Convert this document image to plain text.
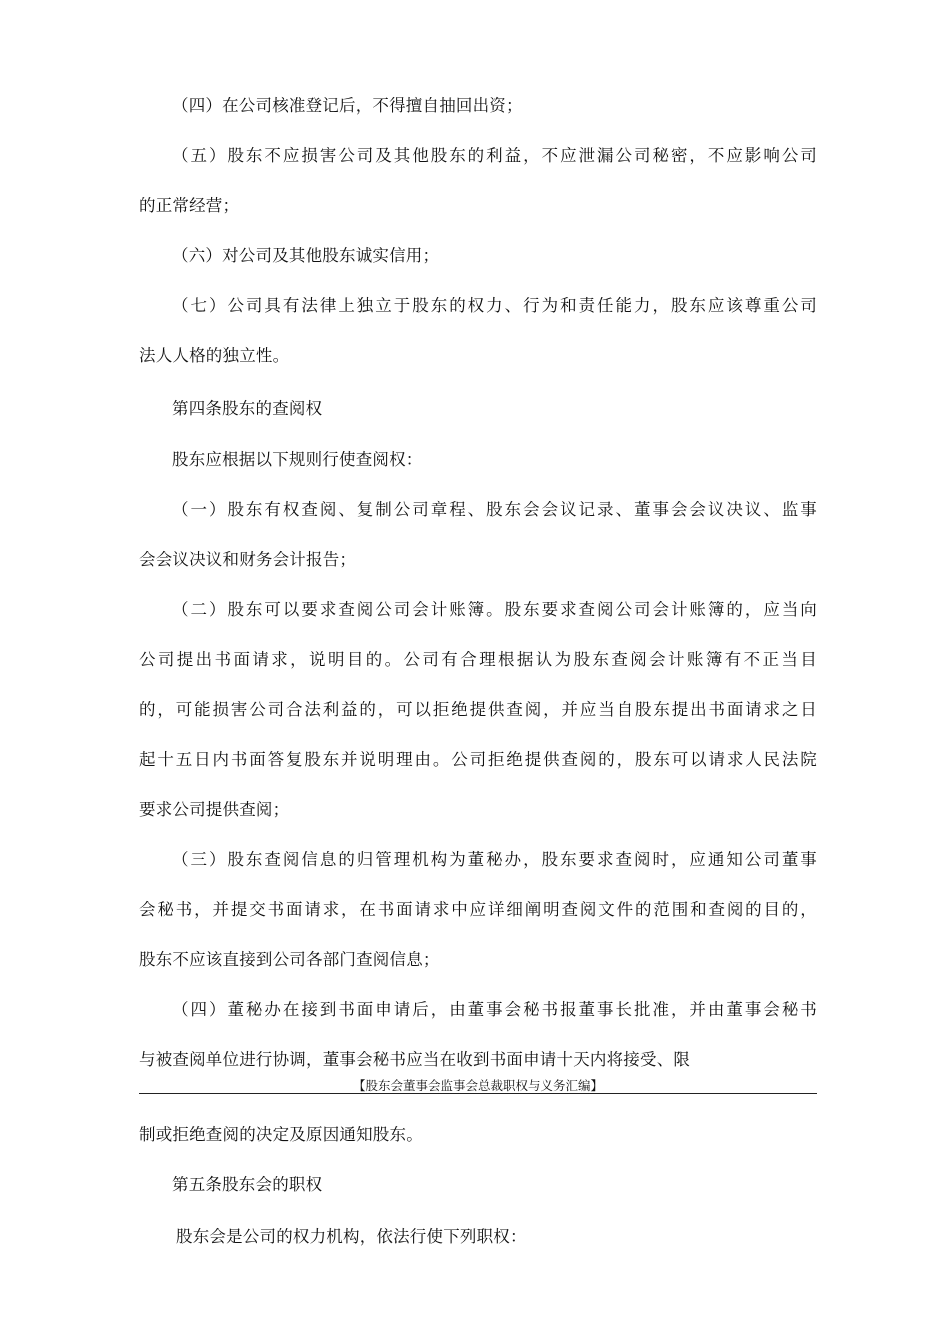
（四）在公司核准登记后，不得擅自抽回出资；
（五）股东不应损害公司及其他股东的利益，不应泄漏公司秘密，不应影响公司
的正常经营；
（六）对公司及其他股东诚实信用；
（七）公司具有法律上独立于股东的权力、行为和责任能力，股东应该尊重公司
法人人格的独立性。
第四条股东的查阅权
股东应根据以下规则行使查阅权：
（一）股东有权查阅、复制公司章程、股东会会议记录、董事会会议决议、监事
会会议决议和财务会计报告；
（二）股东可以要求查阅公司会计账簿。股东要求查阅公司会计账簿的，应当向
公司提出书面请求，说明目的。公司有合理根据认为股东查阅会计账簿有不正当目
的，可能损害公司合法利益的，可以拒绝提供查阅，并应当自股东提出书面请求之日
起十五日内书面答复股东并说明理由。公司拒绝提供查阅的，股东可以请求人民法院
要求公司提供查阅；
（三）股东查阅信息的归管理机构为董秘办，股东要求查阅时，应通知公司董事
会秘书，并提交书面请求，在书面请求中应详细阐明查阅文件的范围和查阅的目的，
股东不应该直接到公司各部门查阅信息；
（四）董秘办在接到书面申请后，由董事会秘书报董事长批准，并由董事会秘书
与被查阅单位进行协调，董事会秘书应当在收到书面申请十天内将接受、限
【股东会董事会监事会总裁职权与义务汇编】
制或拒绝查阅的决定及原因通知股东。
第五条股东会的职权
股东会是公司的权力机构，依法行使下列职权：
